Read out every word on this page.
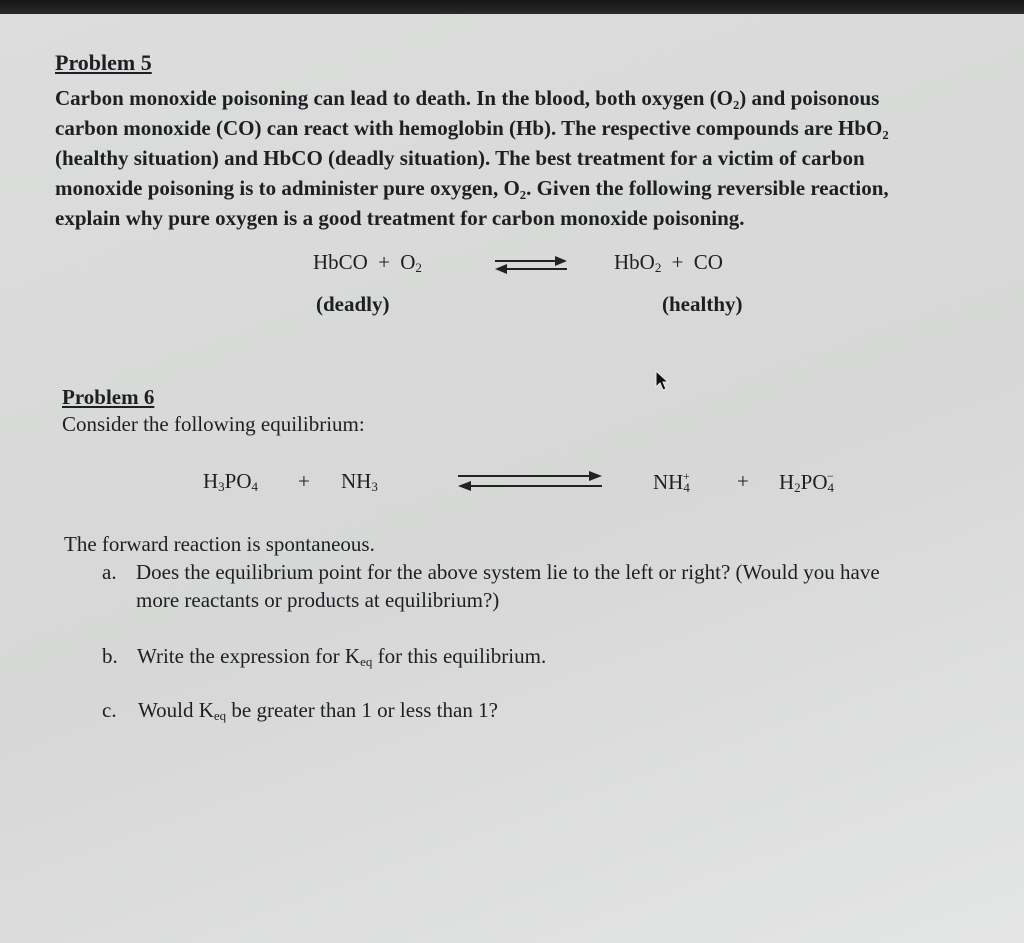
Problem 5
Carbon monoxide poisoning can lead to death. In the blood, both oxygen (O₂) and poisonous
carbon monoxide (CO) can react with hemoglobin (Hb). The respective compounds are HbO₂
(healthy situation) and HbCO (deadly situation). The best treatment for a victim of carbon
monoxide poisoning is to administer pure oxygen, O₂. Given the following reversible reaction,
explain why pure oxygen is a good treatment for carbon monoxide poisoning.
HbCO + $O_2$	HbO$_2$ + CO
(deadly)	(healthy)
Problem 6
Consider the following equilibrium:
$H_3PO_4 + NH_3$	$NH_4^+ + H_2PO_4^-$
The forward reaction is spontaneous.
a. Does the equilibrium point for the above system lie to the left or right? (Would you have
more reactants or products at equilibrium?)
b. Write the expression for $K_{eq}$ for this equilibrium.
c. Would $K_{eq}$ be greater than 1 or less than 1?
